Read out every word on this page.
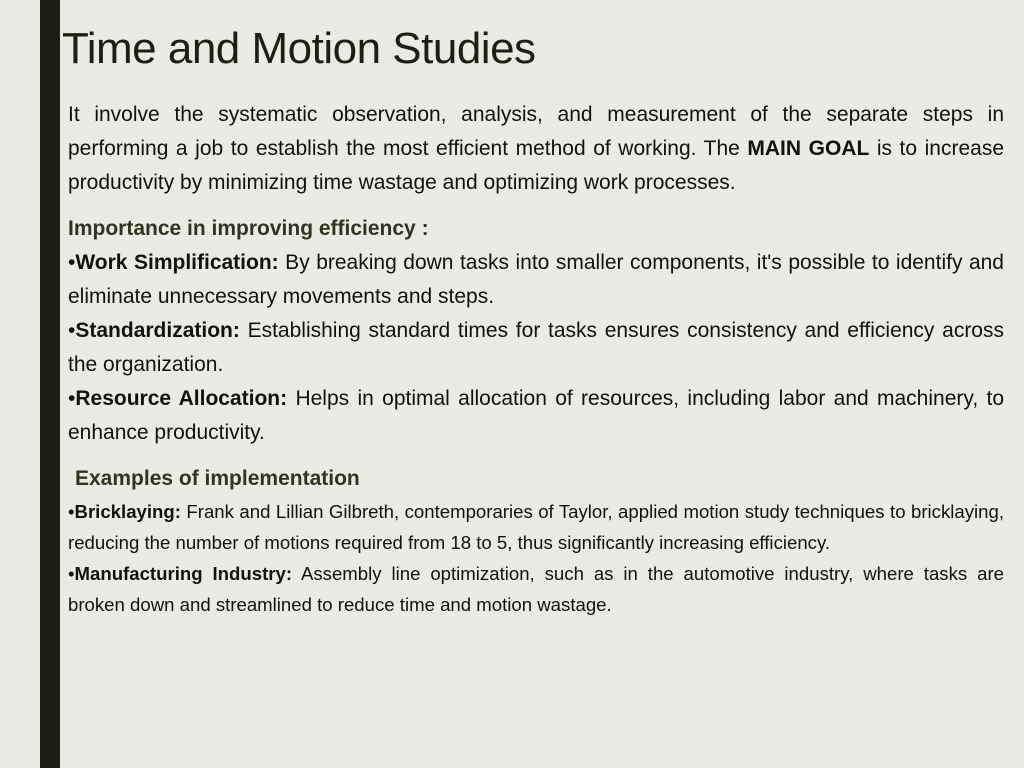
Time and Motion Studies

It involve the systematic observation, analysis, and measurement of the separate steps in performing a job to establish the most efficient method of working. The MAIN GOAL is to increase productivity by minimizing time wastage and optimizing work processes.

Importance in improving efficiency :

•Work Simplification: By breaking down tasks into smaller components, it's possible to identify and eliminate unnecessary movements and steps.

•Standardization: Establishing standard times for tasks ensures consistency and efficiency across the organization.

•Resource Allocation: Helps in optimal allocation of resources, including labor and machinery, to enhance productivity.

Examples of implementation

•Bricklaying: Frank and Lillian Gilbreth, contemporaries of Taylor, applied motion study techniques to bricklaying, reducing the number of motions required from 18 to 5, thus significantly increasing efficiency.

•Manufacturing Industry: Assembly line optimization, such as in the automotive industry, where tasks are broken down and streamlined to reduce time and motion wastage.
